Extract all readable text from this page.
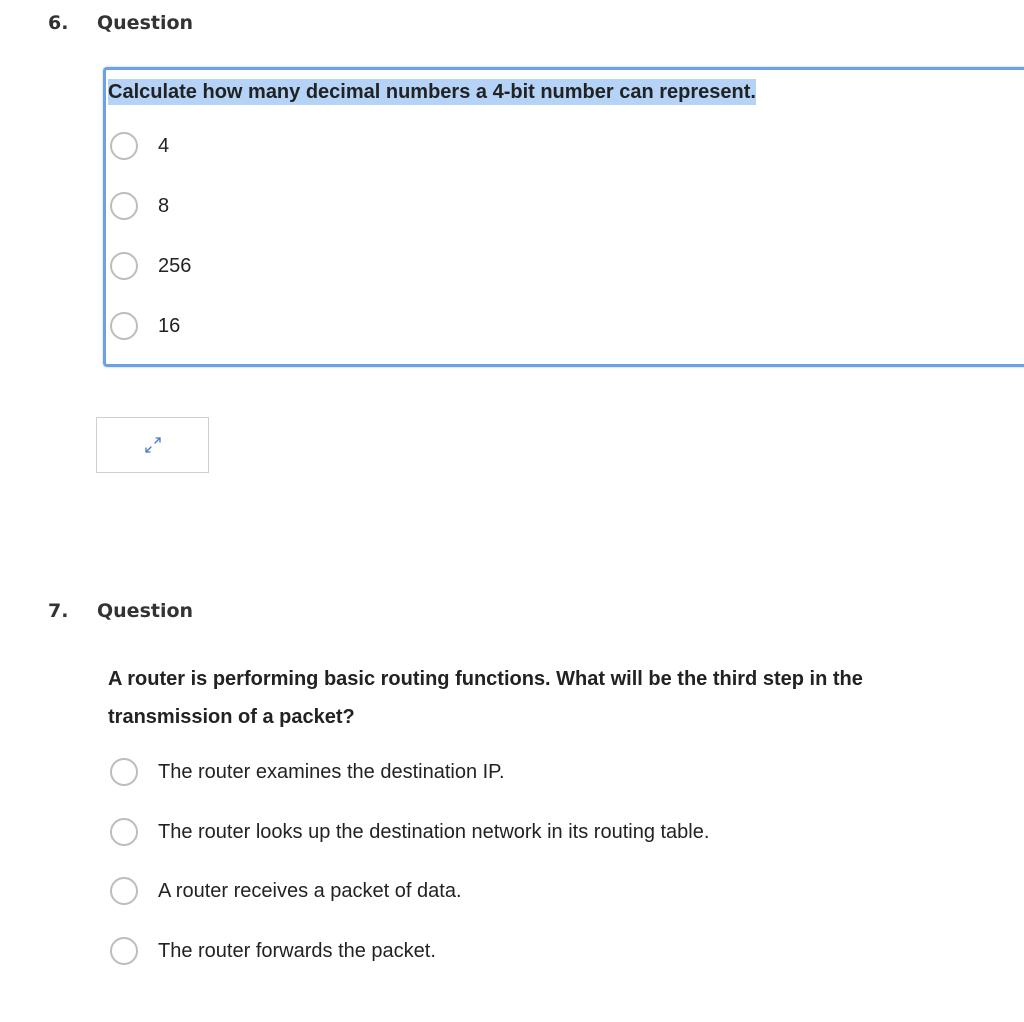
6. Question
Calculate how many decimal numbers a 4-bit number can represent.
4
8
256
16
7. Question
A router is performing basic routing functions. What will be the third step in the transmission of a packet?
The router examines the destination IP.
The router looks up the destination network in its routing table.
A router receives a packet of data.
The router forwards the packet.
